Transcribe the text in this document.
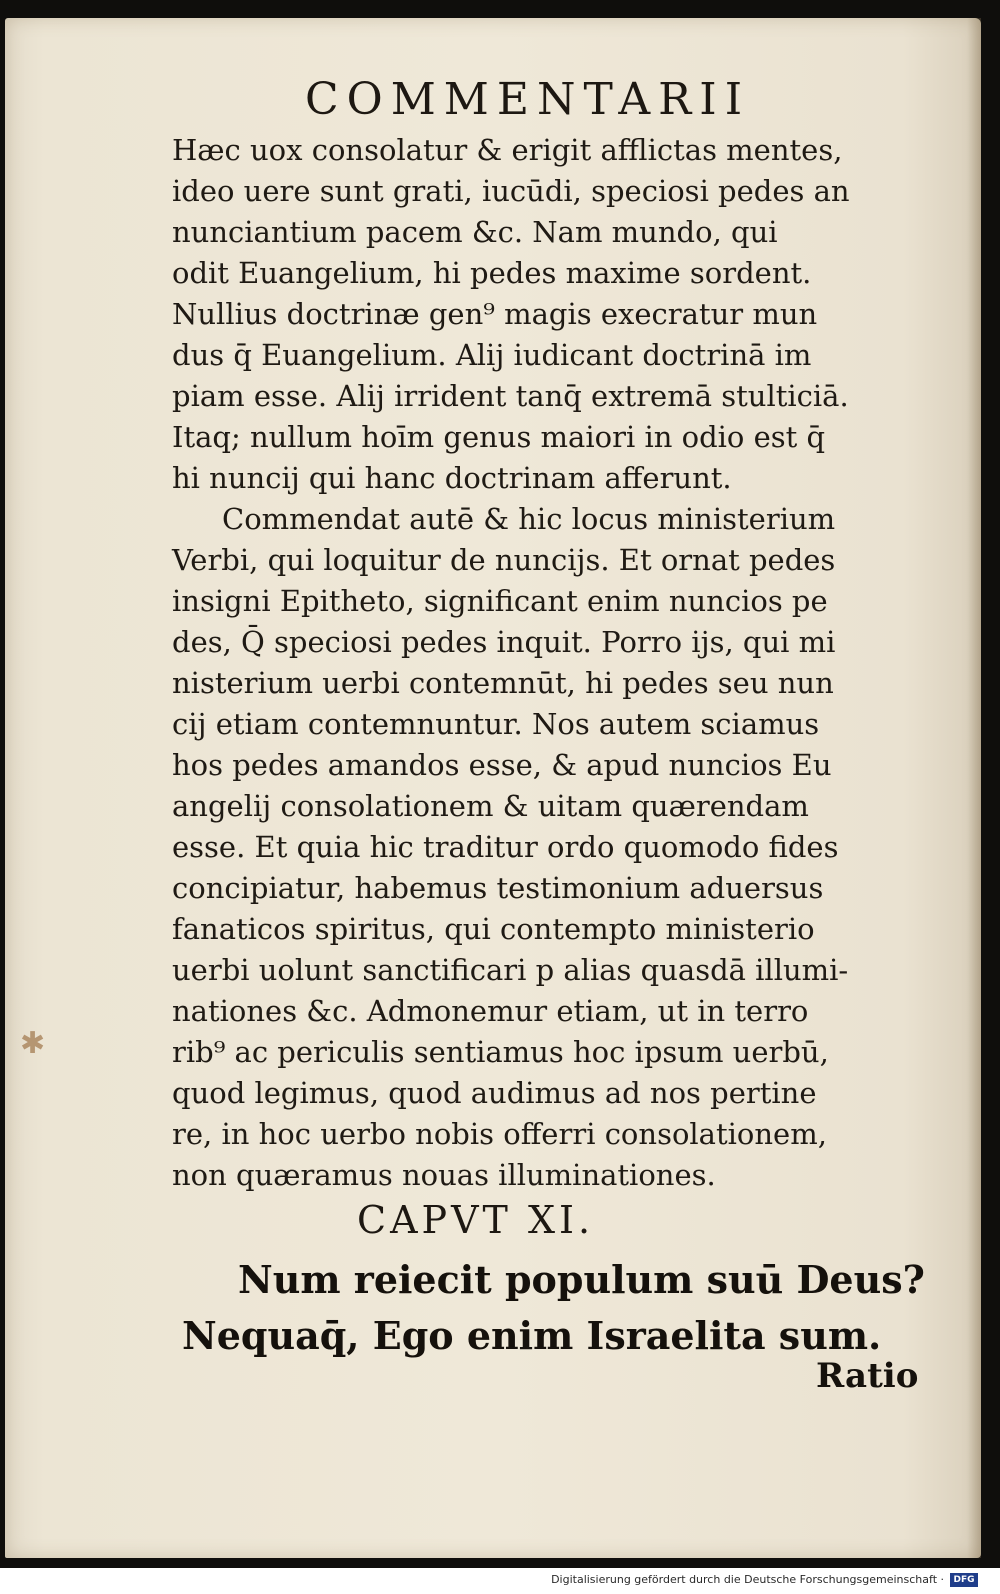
COMMENTARII
Hæc uox consolatur & erigit afflictas mentes,
ideo uere sunt grati, iucūdi, speciosi pedes an
nunciantium pacem &c. Nam mundo, qui
odit Euangelium, hi pedes maxime sordent.
Nullius doctrinæ gen⁹ magis execratur mun
dus q̄ Euangelium. Alij iudicant doctrinā im
piam esse. Alij irrident tanq̄ extremā stulticiā.
Itaq; nullum hoīm genus maiori in odio est q̄
hi nuncij qui hanc doctrinam afferunt.
Commendat autē & hic locus ministerium
Verbi, qui loquitur de nuncijs. Et ornat pedes
insigni Epitheto, significant enim nuncios pe
des, Q̄ speciosi pedes inquit. Porro ijs, qui mi
nisterium uerbi contemnūt, hi pedes seu nun
cij etiam contemnuntur. Nos autem sciamus
hos pedes amandos esse, & apud nuncios Eu
angelij consolationem & uitam quærendam
esse. Et quia hic traditur ordo quomodo fides
concipiatur, habemus testimonium aduersus
fanaticos spiritus, qui contempto ministerio
uerbi uolunt sanctificari p alias quasdā illumi-
nationes &c. Admonemur etiam, ut in terro
rib⁹ ac periculis sentiamus hoc ipsum uerbū,
quod legimus, quod audimus ad nos pertine
re, in hoc uerbo nobis offerri consolationem,
non quæramus nouas illuminationes.
✱
CAPVT XI.
Num reiecit populum suū Deus?
Nequaq̄, Ego enim Israelita sum.
Ratio
Digitalisierung gefördert durch die Deutsche Forschungsgemeinschaft ·	DFG
